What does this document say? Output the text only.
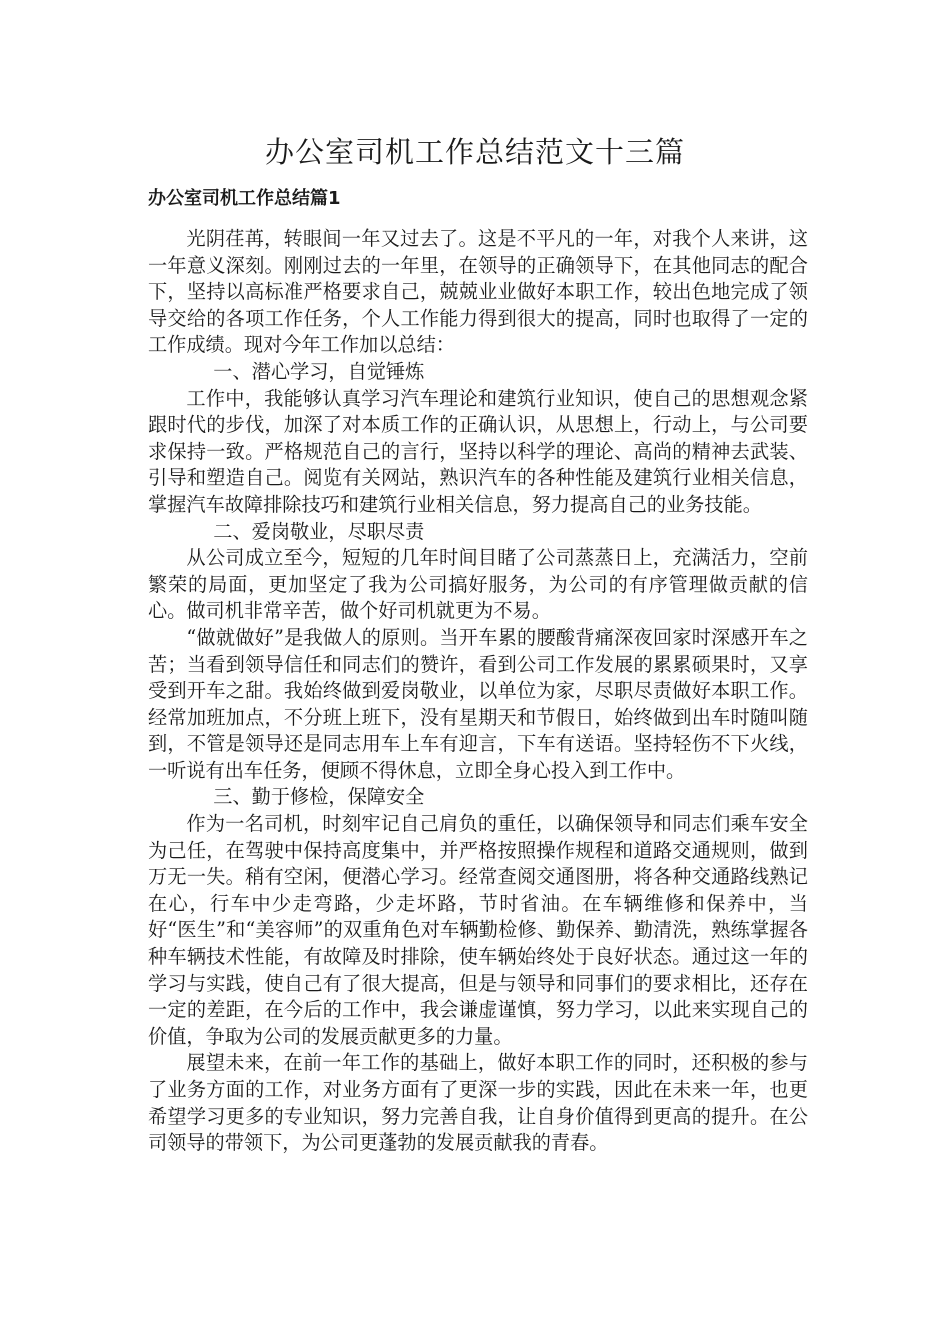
办公室司机工作总结范文十三篇
办公室司机工作总结篇1

光阴荏苒，转眼间一年又过去了。这是不平凡的一年，对我个人来讲，这一年意义深刻。刚刚过去的一年里，在领导的正确领导下，在其他同志的配合下，坚持以高标准严格要求自己，兢兢业业做好本职工作，较出色地完成了领导交给的各项工作任务，个人工作能力得到很大的提高，同时也取得了一定的工作成绩。现对今年工作加以总结：

一、潜心学习，自觉锤炼

工作中，我能够认真学习汽车理论和建筑行业知识，使自己的思想观念紧跟时代的步伐，加深了对本质工作的正确认识，从思想上，行动上，与公司要求保持一致。严格规范自己的言行，坚持以科学的理论、高尚的精神去武装、引导和塑造自己。阅览有关网站，熟识汽车的各种性能及建筑行业相关信息，掌握汽车故障排除技巧和建筑行业相关信息，努力提高自己的业务技能。

二、爱岗敬业，尽职尽责

从公司成立至今，短短的几年时间目睹了公司蒸蒸日上，充满活力，空前繁荣的局面，更加坚定了我为公司搞好服务，为公司的有序管理做贡献的信心。做司机非常辛苦，做个好司机就更为不易。

“做就做好”是我做人的原则。当开车累的腰酸背痛深夜回家时深感开车之苦；当看到领导信任和同志们的赞许，看到公司工作发展的累累硕果时，又享受到开车之甜。我始终做到爱岗敬业，以单位为家，尽职尽责做好本职工作。经常加班加点，不分班上班下，没有星期天和节假日，始终做到出车时随叫随到，不管是领导还是同志用车上车有迎言，下车有送语。坚持轻伤不下火线，一听说有出车任务，便顾不得休息，立即全身心投入到工作中。

三、勤于修检，保障安全

作为一名司机，时刻牢记自己肩负的重任，以确保领导和同志们乘车安全为己任，在驾驶中保持高度集中，并严格按照操作规程和道路交通规则，做到万无一失。稍有空闲，便潜心学习。经常查阅交通图册，将各种交通路线熟记在心，行车中少走弯路，少走坏路，节时省油。在车辆维修和保养中，当好“医生”和“美容师”的双重角色对车辆勤检修、勤保养、勤清洗，熟练掌握各种车辆技术性能，有故障及时排除，使车辆始终处于良好状态。通过这一年的学习与实践，使自己有了很大提高，但是与领导和同事们的要求相比，还存在一定的差距，在今后的工作中，我会谦虚谨慎，努力学习，以此来实现自己的价值，争取为公司的发展贡献更多的力量。

展望未来，在前一年工作的基础上，做好本职工作的同时，还积极的参与了业务方面的工作，对业务方面有了更深一步的实践，因此在未来一年，也更希望学习更多的专业知识，努力完善自我，让自身价值得到更高的提升。在公司领导的带领下，为公司更蓬勃的发展贡献我的青春。
